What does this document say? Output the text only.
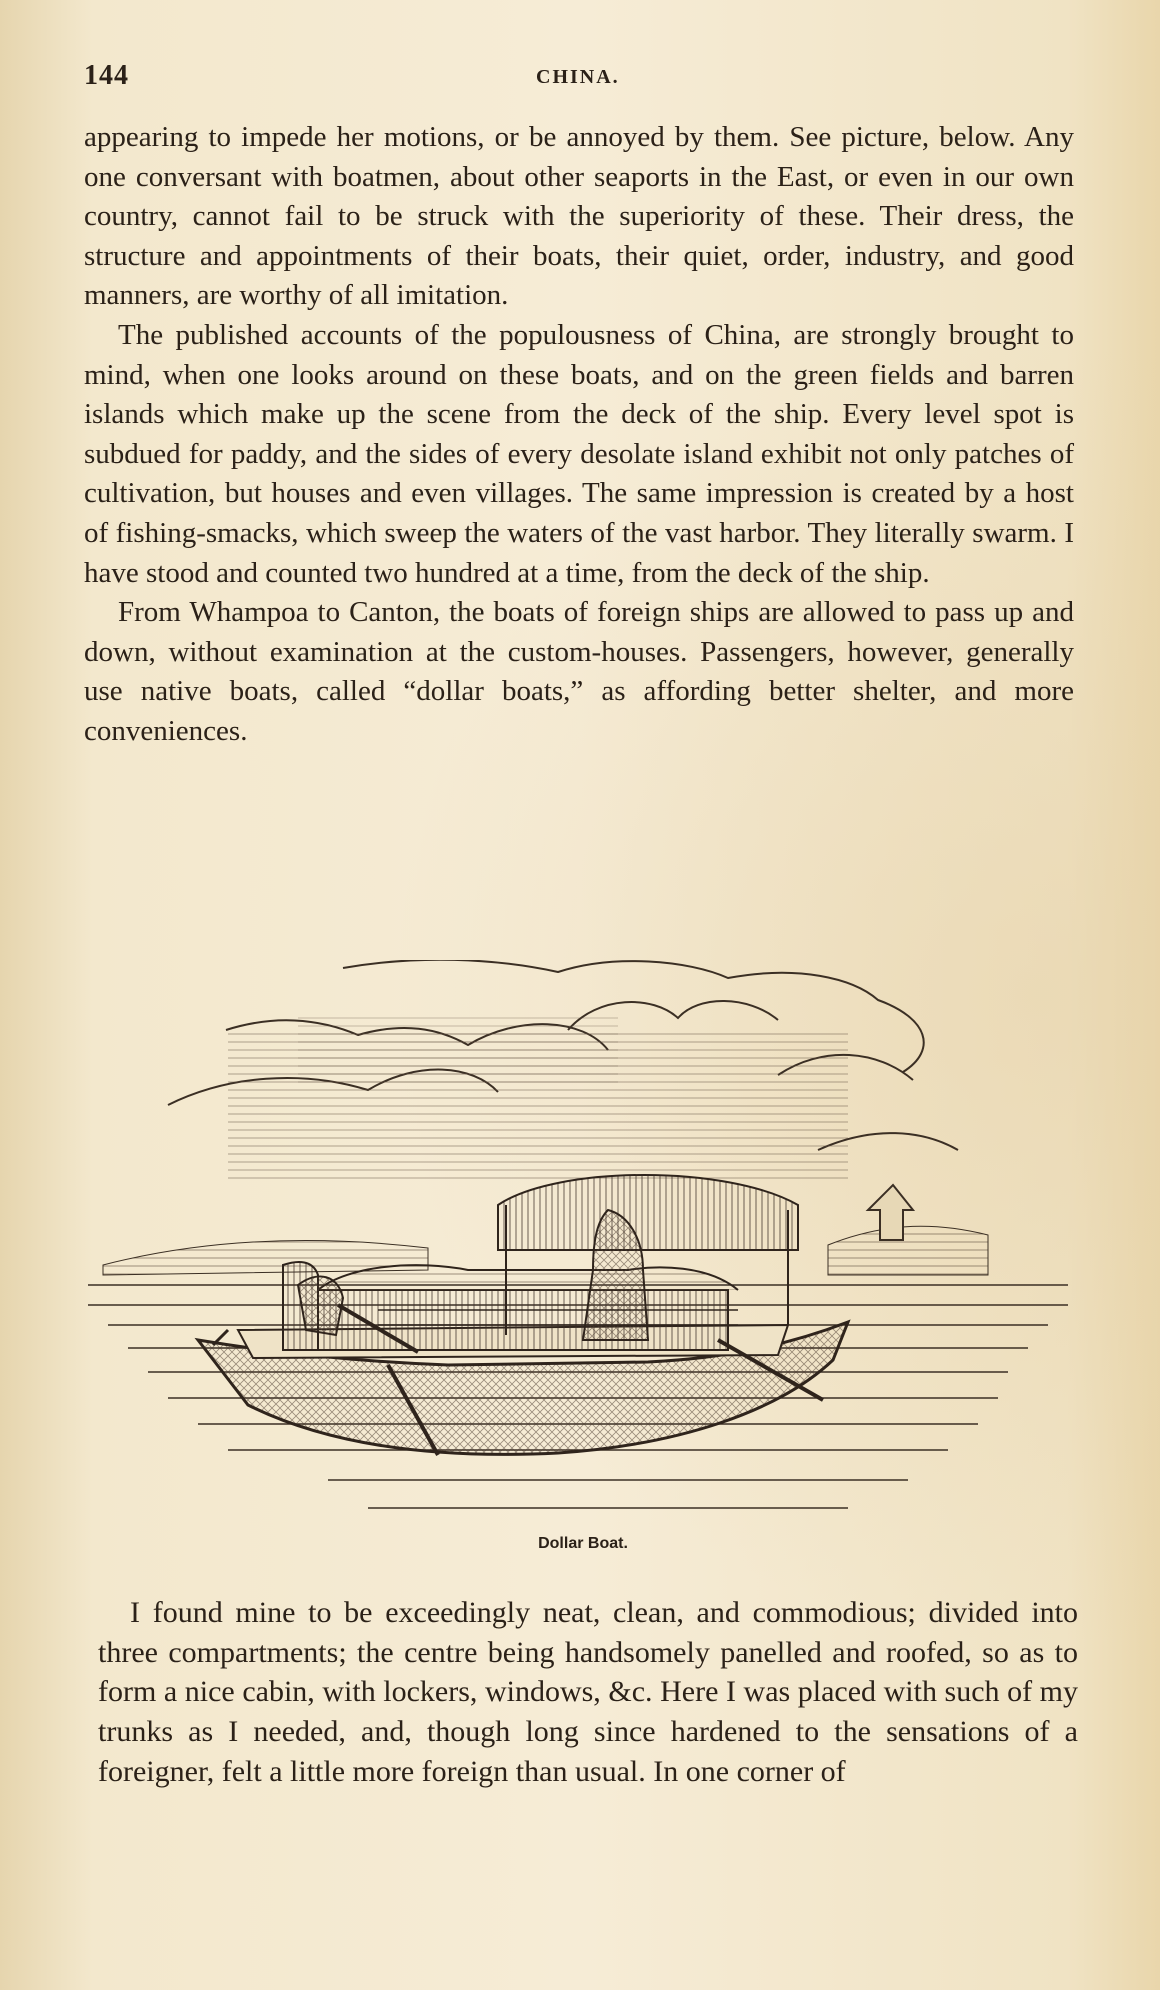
144	CHINA.

appearing to impede her motions, or be annoyed by them. See picture, below. Any one conversant with boatmen, about other seaports in the East, or even in our own country, cannot fail to be struck with the superiority of these. Their dress, the structure and appointments of their boats, their quiet, order, industry, and good manners, are worthy of all imitation.

The published accounts of the populousness of China, are strongly brought to mind, when one looks around on these boats, and on the green fields and barren islands which make up the scene from the deck of the ship. Every level spot is subdued for paddy, and the sides of every desolate island exhibit not only patches of cultivation, but houses and even villages. The same impression is created by a host of fishing-smacks, which sweep the waters of the vast harbor. They literally swarm. I have stood and counted two hundred at a time, from the deck of the ship.

From Whampoa to Canton, the boats of foreign ships are allowed to pass up and down, without examination at the custom-houses. Passengers, however, generally use native boats, called “dollar boats,” as affording better shelter, and more conveniences.

Dollar Boat.

I found mine to be exceedingly neat, clean, and commodious; divided into three compartments; the centre being handsomely panelled and roofed, so as to form a nice cabin, with lockers, windows, &c. Here I was placed with such of my trunks as I needed, and, though long since hardened to the sensations of a foreigner, felt a little more foreign than usual. In one corner of
